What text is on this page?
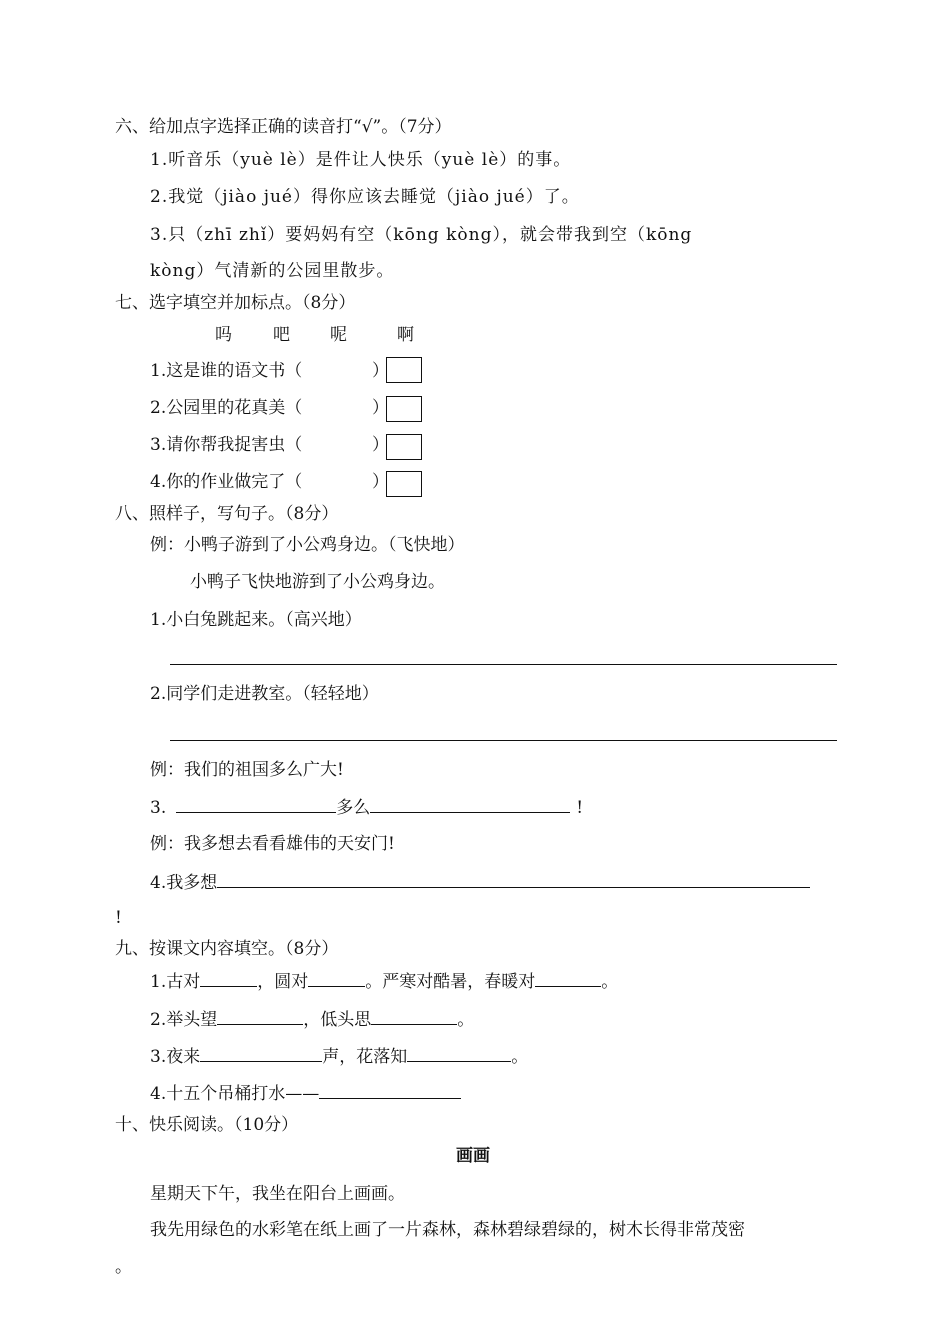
六、给加点字选择正确的读音打“√”。（7分）
1.听音乐（yuè lè）是件让人快乐（yuè lè）的事。
2.我觉（jiào jué）得你应该去睡觉（jiào jué）了。
3.只（zhī zhǐ）要妈妈有空（kōng kòng），就会带我到空（kōng
kòng）气清新的公园里散步。
七、选字填空并加标点。（8分）
吗 吧 呢	啊
1.这是谁的语文书（	）
2.公园里的花真美（	）
3.请你帮我捉害虫（	）
4.你的作业做完了（	）
八、照样子，写句子。（8分）
例：小鸭子游到了小公鸡身边。（飞快地）
小鸭子飞快地游到了小公鸡身边。
1.小白兔跳起来。（高兴地）
2.同学们走进教室。（轻轻地）
例：我们的祖国多么广大!
3.	多么	!
例：我多想去看看雄伟的天安门!
4.我多想
!
九、按课文内容填空。（8分）
1.古对	，圆对	。严寒对酷暑，春暖对	。
2.举头望	，低头思	。
3.夜来	声，花落知	。
4.十五个吊桶打水——
十、快乐阅读。（10分）
画画
星期天下午，我坐在阳台上画画。
我先用绿色的水彩笔在纸上画了一片森林，森林碧绿碧绿的，树木长得非常茂密
。
